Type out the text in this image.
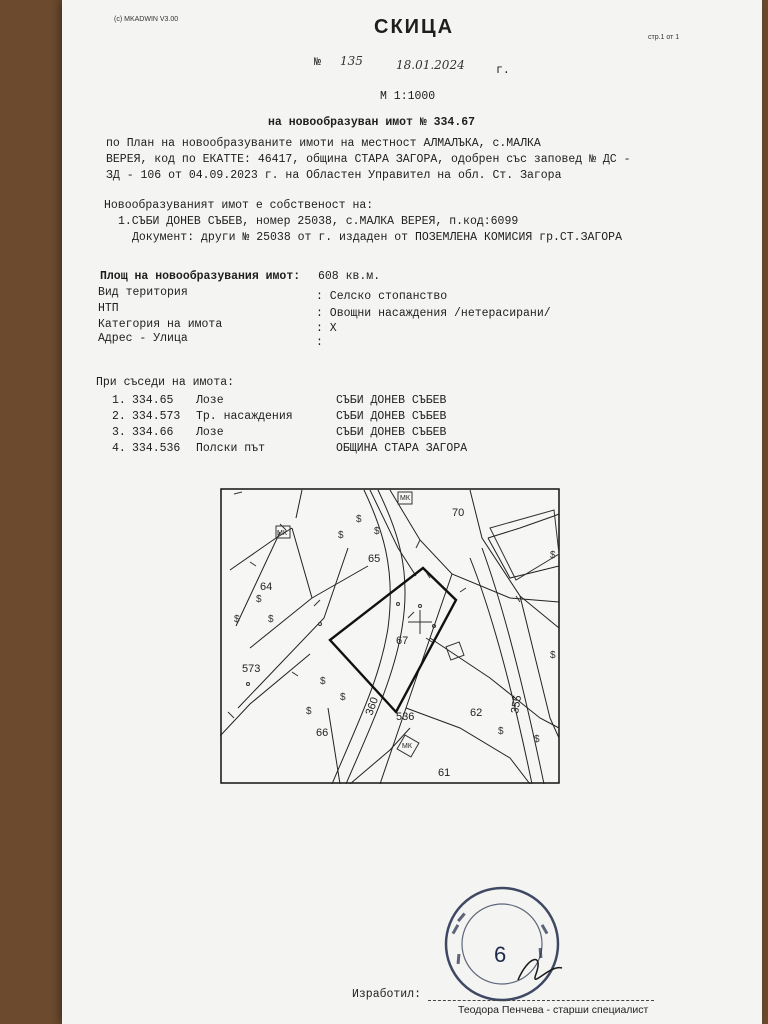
(c) MKADWIN V3.00	СКИЦА	стр.1 от 1
№ 135	18.01.2024	г.
М 1:1000
на новообразуван имот № 334.67
по План на новообразуваните имоти на местност АЛМАЛЪКА, с.МАЛКА
ВЕРЕЯ, код по ЕКАТТЕ: 46417, община СТАРА ЗАГОРА, одобрен със заповед № ДС -
ЗД - 106 от 04.09.2023 г. на Областен Управител на обл. Ст. Загора
Новообразуваният имот е собственост на:
1.СЪБИ ДОНЕВ СЪБЕВ, номер 25038, с.МАЛКА ВЕРЕЯ, п.код:6099
Документ: други № 25038 от г. издаден от ПОЗЕМЛЕНА КОМИСИЯ гр.СТ.ЗАГОРА
Площ на новообразувания имот: 608 кв.м.
Вид територия	: Селско стопанство
НТП	: Овощни насаждения /нетерасирани/
Категория на имота	: X
Адрес - Улица	:
При съседи на имота:
1. 334.65 Лозе	СЪБИ ДОНЕВ СЪБЕВ
2. 334.573 Тр. насаждения	СЪБИ ДОНЕВ СЪБЕВ
3. 334.66 Лозе	СЪБИ ДОНЕВ СЪБЕВ
4. 334.536 Полски път	ОБЩИНА СТАРА ЗАГОРА
$
$
$
$
$	$
$
$
$
$
$
$
$
МК
МК
МК
70
65
64
67
573
66
62
536
61
360	355
6
Изработил:
Теодора Пенчева - старши специалист
